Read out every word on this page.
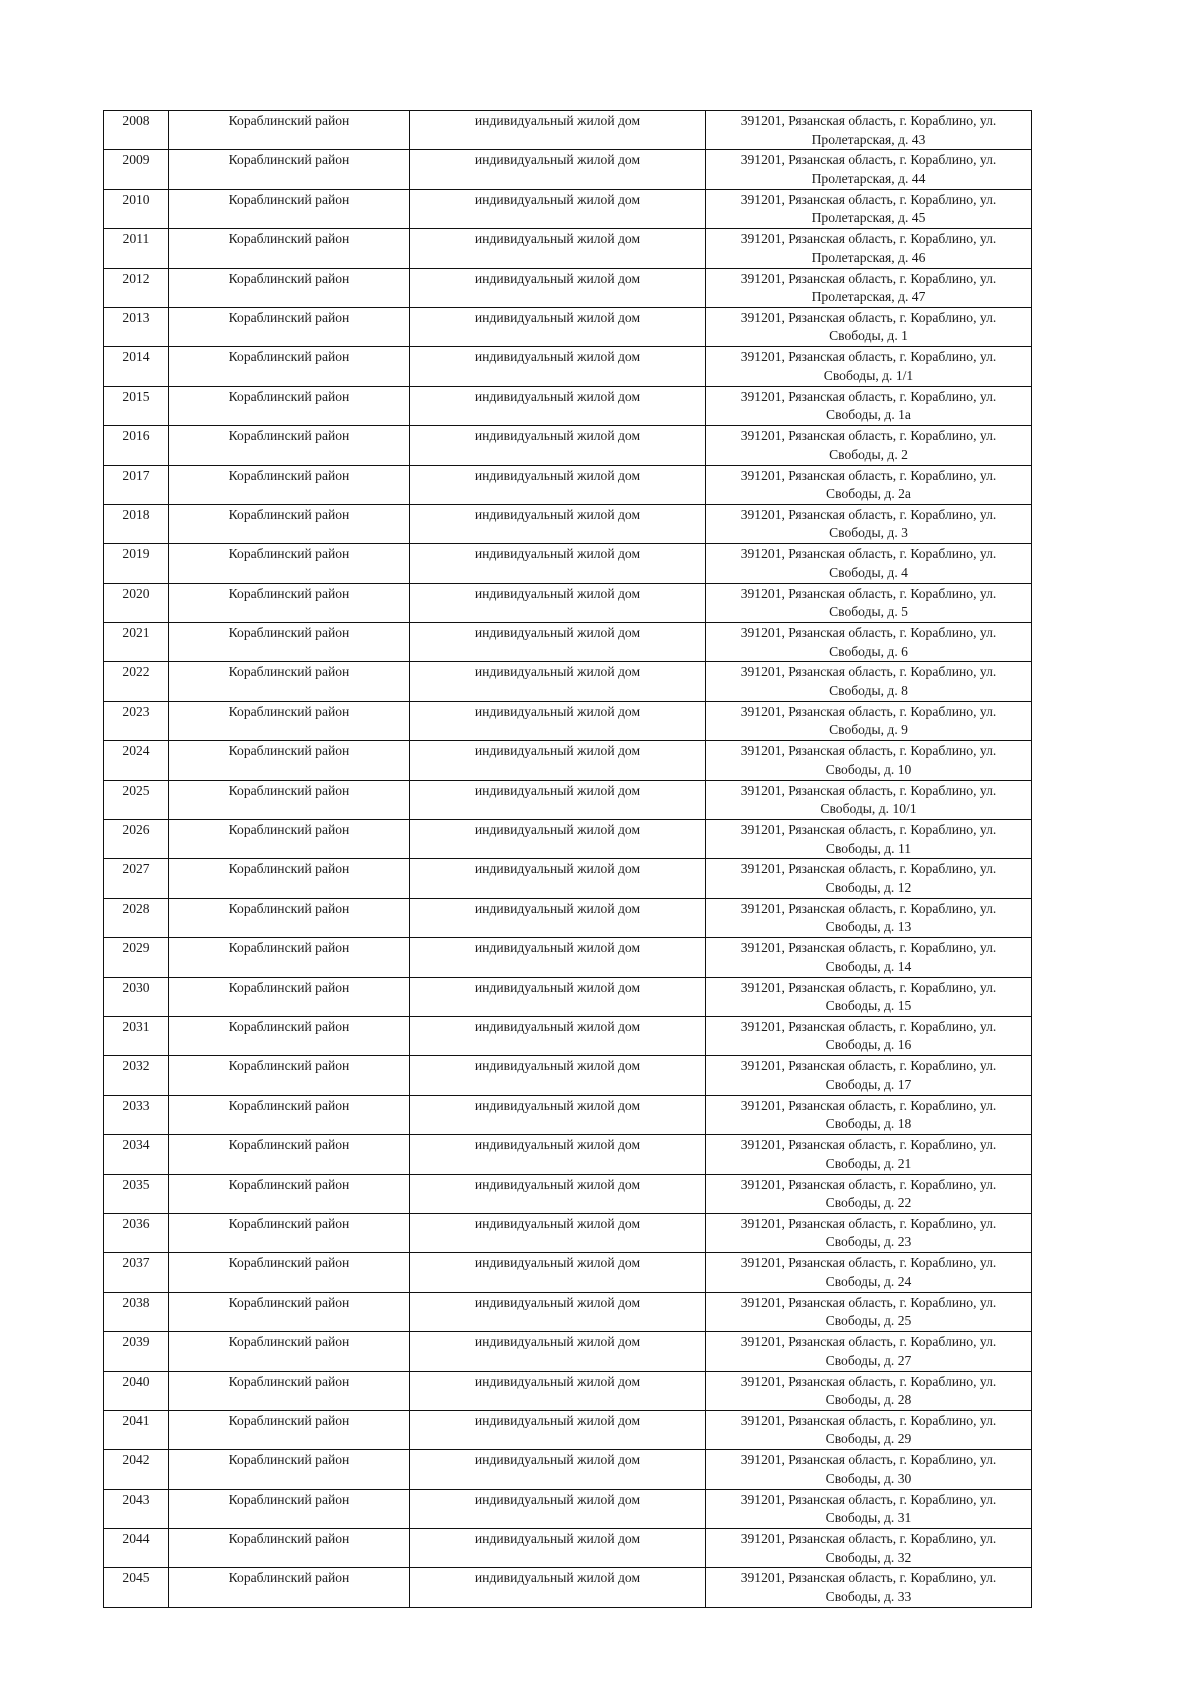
2008	Кораблинский район	индивидуальный жилой дом	391201, Рязанская область, г. Кораблино, ул.
Пролетарская, д. 43

2009	Кораблинский район	индивидуальный жилой дом	391201, Рязанская область, г. Кораблино, ул.
Пролетарская, д. 44

2010	Кораблинский район	индивидуальный жилой дом	391201, Рязанская область, г. Кораблино, ул.
Пролетарская, д. 45

2011	Кораблинский район	индивидуальный жилой дом	391201, Рязанская область, г. Кораблино, ул.
Пролетарская, д. 46

2012	Кораблинский район	индивидуальный жилой дом	391201, Рязанская область, г. Кораблино, ул.
Пролетарская, д. 47

2013	Кораблинский район	индивидуальный жилой дом	391201, Рязанская область, г. Кораблино, ул.
Свободы, д. 1

2014	Кораблинский район	индивидуальный жилой дом	391201, Рязанская область, г. Кораблино, ул.
Свободы, д. 1/1

2015	Кораблинский район	индивидуальный жилой дом	391201, Рязанская область, г. Кораблино, ул.
Свободы, д. 1а

2016	Кораблинский район	индивидуальный жилой дом	391201, Рязанская область, г. Кораблино, ул.
Свободы, д. 2

2017	Кораблинский район	индивидуальный жилой дом	391201, Рязанская область, г. Кораблино, ул.
Свободы, д. 2а

2018	Кораблинский район	индивидуальный жилой дом	391201, Рязанская область, г. Кораблино, ул.
Свободы, д. 3

2019	Кораблинский район	индивидуальный жилой дом	391201, Рязанская область, г. Кораблино, ул.
Свободы, д. 4

2020	Кораблинский район	индивидуальный жилой дом	391201, Рязанская область, г. Кораблино, ул.
Свободы, д. 5

2021	Кораблинский район	индивидуальный жилой дом	391201, Рязанская область, г. Кораблино, ул.
Свободы, д. 6

2022	Кораблинский район	индивидуальный жилой дом	391201, Рязанская область, г. Кораблино, ул.
Свободы, д. 8

2023	Кораблинский район	индивидуальный жилой дом	391201, Рязанская область, г. Кораблино, ул.
Свободы, д. 9

2024	Кораблинский район	индивидуальный жилой дом	391201, Рязанская область, г. Кораблино, ул.
Свободы, д. 10

2025	Кораблинский район	индивидуальный жилой дом	391201, Рязанская область, г. Кораблино, ул.
Свободы, д. 10/1

2026	Кораблинский район	индивидуальный жилой дом	391201, Рязанская область, г. Кораблино, ул.
Свободы, д. 11

2027	Кораблинский район	индивидуальный жилой дом	391201, Рязанская область, г. Кораблино, ул.
Свободы, д. 12

2028	Кораблинский район	индивидуальный жилой дом	391201, Рязанская область, г. Кораблино, ул.
Свободы, д. 13

2029	Кораблинский район	индивидуальный жилой дом	391201, Рязанская область, г. Кораблино, ул.
Свободы, д. 14

2030	Кораблинский район	индивидуальный жилой дом	391201, Рязанская область, г. Кораблино, ул.
Свободы, д. 15

2031	Кораблинский район	индивидуальный жилой дом	391201, Рязанская область, г. Кораблино, ул.
Свободы, д. 16

2032	Кораблинский район	индивидуальный жилой дом	391201, Рязанская область, г. Кораблино, ул.
Свободы, д. 17

2033	Кораблинский район	индивидуальный жилой дом	391201, Рязанская область, г. Кораблино, ул.
Свободы, д. 18

2034	Кораблинский район	индивидуальный жилой дом	391201, Рязанская область, г. Кораблино, ул.
Свободы, д. 21

2035	Кораблинский район	индивидуальный жилой дом	391201, Рязанская область, г. Кораблино, ул.
Свободы, д. 22

2036	Кораблинский район	индивидуальный жилой дом	391201, Рязанская область, г. Кораблино, ул.
Свободы, д. 23

2037	Кораблинский район	индивидуальный жилой дом	391201, Рязанская область, г. Кораблино, ул.
Свободы, д. 24

2038	Кораблинский район	индивидуальный жилой дом	391201, Рязанская область, г. Кораблино, ул.
Свободы, д. 25

2039	Кораблинский район	индивидуальный жилой дом	391201, Рязанская область, г. Кораблино, ул.
Свободы, д. 27

2040	Кораблинский район	индивидуальный жилой дом	391201, Рязанская область, г. Кораблино, ул.
Свободы, д. 28

2041	Кораблинский район	индивидуальный жилой дом	391201, Рязанская область, г. Кораблино, ул.
Свободы, д. 29

2042	Кораблинский район	индивидуальный жилой дом	391201, Рязанская область, г. Кораблино, ул.
Свободы, д. 30

2043	Кораблинский район	индивидуальный жилой дом	391201, Рязанская область, г. Кораблино, ул.
Свободы, д. 31

2044	Кораблинский район	индивидуальный жилой дом	391201, Рязанская область, г. Кораблино, ул.
Свободы, д. 32

2045	Кораблинский район	индивидуальный жилой дом	391201, Рязанская область, г. Кораблино, ул.
Свободы, д. 33
